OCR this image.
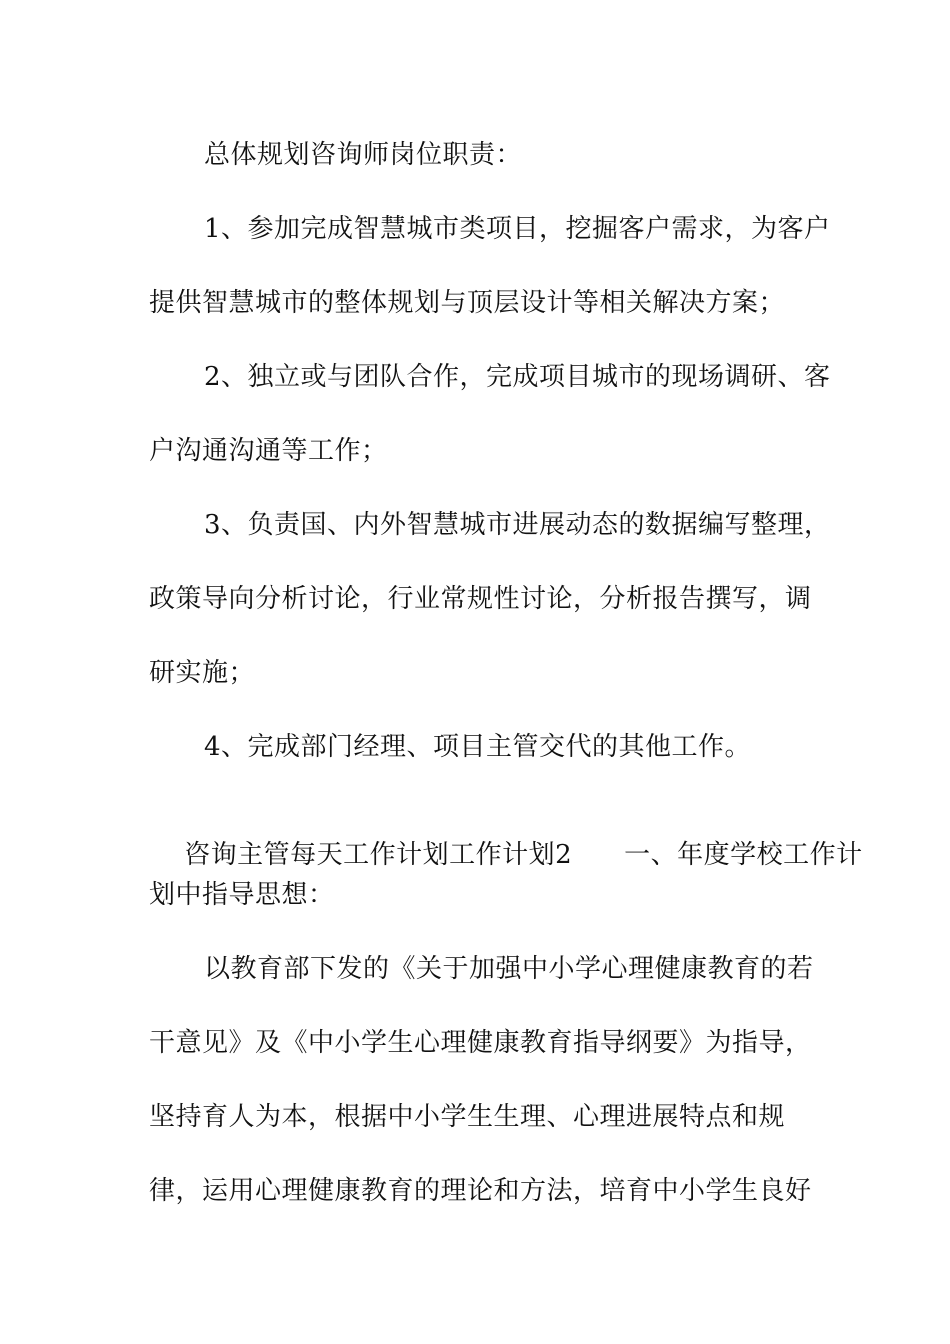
总体规划咨询师岗位职责：
1、参加完成智慧城市类项目，挖掘客户需求，为客户
提供智慧城市的整体规划与顶层设计等相关解决方案；
2、独立或与团队合作，完成项目城市的现场调研、客
户沟通沟通等工作；
3、负责国、内外智慧城市进展动态的数据编写整理，
政策导向分析讨论，行业常规性讨论，分析报告撰写，调
研实施；
4、完成部门经理、项目主管交代的其他工作。

咨询主管每天工作计划工作计划2 一、年度学校工作计

划中指导思想：
以教育部下发的《关于加强中小学心理健康教育的若
干意见》及《中小学生心理健康教育指导纲要》为指导，
坚持育人为本，根据中小学生生理、心理进展特点和规
律，运用心理健康教育的理论和方法，培育中小学生良好
